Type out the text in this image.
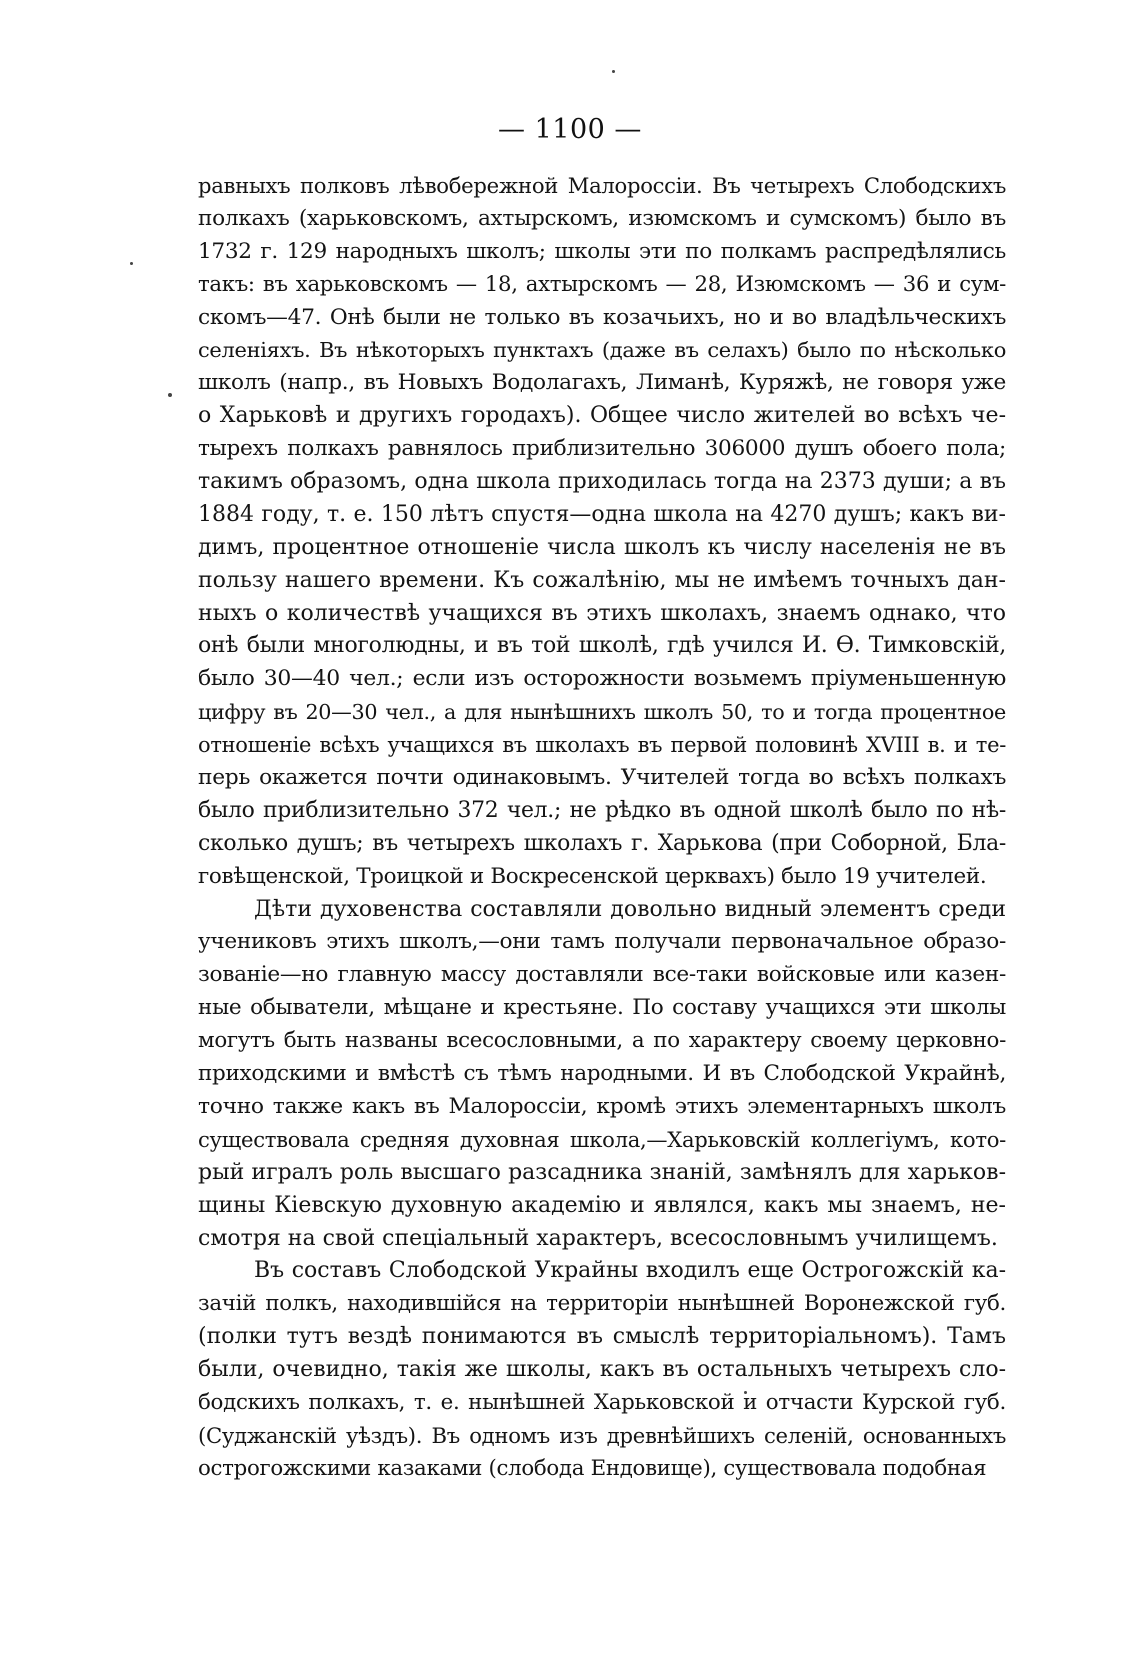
— 1100 —
равныхъ полковъ лѣвобережной Малороссіи. Въ четырехъ Слободскихъ
полкахъ (харьковскомъ, ахтырскомъ, изюмскомъ и сумскомъ) было въ
1732 г. 129 народныхъ школъ; школы эти по полкамъ распредѣлялись
такъ: въ харьковскомъ — 18, ахтырскомъ — 28, Изюмскомъ — 36 и сум-
скомъ—47. Онѣ были не только въ козачьихъ, но и во владѣльческихъ
селеніяхъ. Въ нѣкоторыхъ пунктахъ (даже въ селахъ) было по нѣсколько
школъ (напр., въ Новыхъ Водолагахъ, Лиманѣ, Куряжѣ, не говоря уже
о Харьковѣ и другихъ городахъ). Общее число жителей во всѣхъ че-
тырехъ полкахъ равнялось приблизительно 306000 душъ обоего пола;
такимъ образомъ, одна школа приходилась тогда на 2373 души; а въ
1884 году, т. е. 150 лѣтъ спустя—одна школа на 4270 душъ; какъ ви-
димъ, процентное отношеніе числа школъ къ числу населенія не въ
пользу нашего времени. Къ сожалѣнію, мы не имѣемъ точныхъ дан-
ныхъ о количествѣ учащихся въ этихъ школахъ, знаемъ однако, что
онѣ были многолюдны, и въ той школѣ, гдѣ учился И. Ѳ. Тимковскій,
было 30—40 чел.; если изъ осторожности возьмемъ пріуменьшенную
цифру въ 20—30 чел., а для нынѣшнихъ школъ 50, то и тогда процентное
отношеніе всѣхъ учащихся въ школахъ въ первой половинѣ XVIII в. и те-
перь окажется почти одинаковымъ. Учителей тогда во всѣхъ полкахъ
было приблизительно 372 чел.; не рѣдко въ одной школѣ было по нѣ-
сколько душъ; въ четырехъ школахъ г. Харькова (при Соборной, Бла-
говѣщенской, Троицкой и Воскресенской церквахъ) было 19 учителей.
Дѣти духовенства составляли довольно видный элементъ среди
учениковъ этихъ школъ,—они тамъ получали первоначальное образо-
зованіе—но главную массу доставляли все-таки войсковые или казен-
ные обыватели, мѣщане и крестьяне. По составу учащихся эти школы
могутъ быть названы всесословными, а по характеру своему церковно-
приходскими и вмѣстѣ съ тѣмъ народными. И въ Слободской Украйнѣ,
точно также какъ въ Малороссіи, кромѣ этихъ элементарныхъ школъ
существовала средняя духовная школа,—Харьковскій коллегіумъ, кото-
рый игралъ роль высшаго разсадника знаній, замѣнялъ для харьков-
щины Кіевскую духовную академію и являлся, какъ мы знаемъ, не-
смотря на свой спеціальный характеръ, всесословнымъ училищемъ.
Въ составъ Слободской Украйны входилъ еще Острогожскій ка-
зачій полкъ, находившійся на территоріи нынѣшней Воронежской губ.
(полки тутъ вездѣ понимаются въ смыслѣ территоріальномъ). Тамъ
были, очевидно, такія же школы, какъ въ остальныхъ четырехъ сло-
бодскихъ полкахъ, т. е. нынѣшней Харьковской и отчасти Курской губ.
(Суджанскій уѣздъ). Въ одномъ изъ древнѣйшихъ селеній, основанныхъ
острогожскими казаками (слобода Ендовище), существовала подобная
